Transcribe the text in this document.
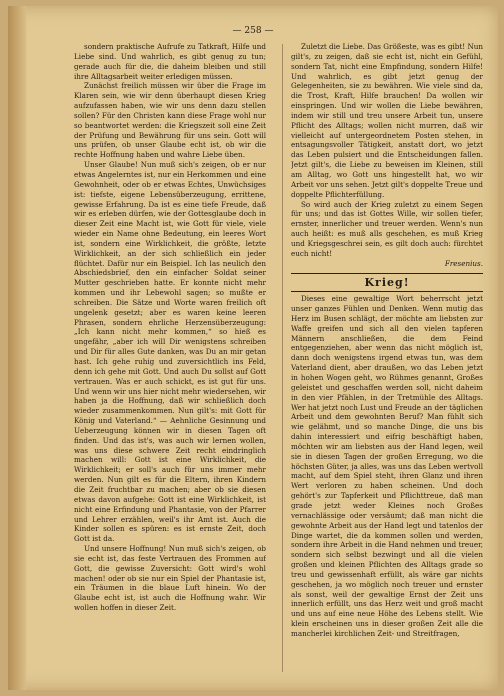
— 258 —

sondern praktische Aufrufe zu Tatkraft, Hilfe und Liebe sind. Und wahrlich, es gibt genug zu tun; gerade auch für die, die daheim bleiben und still ihre Alltagsarbeit weiter erledigen müssen.

Zunächst freilich müssen wir über die Frage im Klaren sein, wie wir denn überhaupt diesen Krieg aufzufassen haben, wie wir uns denn dazu stellen sollen? Für den Christen kann diese Frage wohl nur so beantwortet werden: die Kriegszeit soll eine Zeit der Prüfung und Bewährung für uns sein. Gott will uns prüfen, ob unser Glaube echt ist, ob wir die rechte Hoffnung haben und wahre Liebe üben.

Unser Glaube! Nun muß sich's zeigen, ob er nur etwas Angelerntes ist, nur ein Herkommen und eine Gewohnheit, oder ob er etwas Echtes, Unwüchsiges ist: tiefste, eigene Lebensüberzeugung, errittene, gewisse Erfahrung. Da ist es eine tiefe Freude, daß wir es erleben dürfen, wie der Gottesglaube doch in dieser Zeit eine Macht ist, wie Gott für viele, viele wieder ein Name ohne Bedeutung, ein leeres Wort ist, sondern eine Wirklichkeit, die größte, letzte Wirklichkeit, an der sich schließlich ein jeder flüchtet. Dafür nur ein Beispiel. Ich las neulich den Abschiedsbrief, den ein einfacher Soldat seiner Mutter geschrieben hatte. Er konnte nicht mehr kommen und ihr Lebewohl sagen; so mußte er schreiben. Die Sätze und Worte waren freilich oft ungelenk gesetzt; aber es waren keine leeren Phrasen, sondern ehrliche Herzensüberzeugung: „Ich kann nicht mehr kommen,“ so hieß es ungefähr, „aber ich will Dir wenigstens schreiben und Dir für alles Gute danken, was Du an mir getan hast. Ich gehe ruhig und zuversichtlich ins Feld, denn ich gehe mit Gott. Und auch Du sollst auf Gott vertrauen. Was er auch schickt, es ist gut für uns. Und wenn wir uns hier nicht mehr wiedersehen, wir haben ja die Hoffnung, daß wir schließlich doch wieder zusammenkommen. Nun gilt's: mit Gott für König und Vaterland.“ — Aehnliche Gesinnung und Ueberzeugung können wir in diesen Tagen oft finden. Und das ist's, was auch wir lernen wollen, was uns diese schwere Zeit recht eindringlich machen will: Gott ist eine Wirklichkeit, die Wirklichkeit; er soll's auch für uns immer mehr werden. Nun gilt es für die Eltern, ihren Kindern die Zeit fruchtbar zu machen; aber ob sie diesen etwas davon aufgehe: Gott ist eine Wirklichkeit, ist nicht eine Erfindung und Phantasie, von der Pfarrer und Lehrer erzählen, weil's ihr Amt ist. Auch die Kinder sollen es spüren: es ist ernste Zeit, doch Gott ist da.

Und unsere Hoffnung! Nun muß sich's zeigen, ob sie echt ist, das feste Vertrauen des Frommen auf Gott, die gewisse Zuversicht: Gott wird's wohl machen! oder ob sie nur ein Spiel der Phantasie ist, ein Träumen in die blaue Luft hinein. Wo der Glaube echt ist, ist auch die Hoffnung wahr. Wir wollen hoffen in dieser Zeit.

Zuletzt die Liebe. Das Größeste, was es gibt! Nun gilt's, zu zeigen, daß sie echt ist, nicht ein Gefühl, sondern Tat, nicht eine Empfindung, sondern Hilfe! Und wahrlich, es gibt jetzt genug der Gelegenheiten, sie zu bewähren. Wie viele sind da, die Trost, Kraft, Hilfe brauchen! Da wollen wir einspringen. Und wir wollen die Liebe bewähren, indem wir still und treu unsere Arbeit tun, unsere Pflicht des Alltags; wollen nicht murren, daß wir vielleicht auf untergeordnetem Posten stehen, in entsagungsvoller Tätigkeit, anstatt dort, wo jetzt das Leben pulsiert und die Entscheidungen fallen. Jetzt gilt's, die Liebe zu beweisen im Kleinen, still am Alltag, wo Gott uns hingestellt hat, wo wir Arbeit vor uns sehen. Jetzt gilt's doppelte Treue und doppelte Pflichterfüllung.

So wird auch der Krieg zuletzt zu einem Segen für uns; und das ist Gottes Wille, wir sollen tiefer, ernster, innerlicher und treuer werden. Wenn's nun auch heißt: es muß alls geschehen, es muß Krieg und Kriegsgeschrei sein, es gilt doch auch: fürchtet euch nicht!

Fresenius.

Krieg!

Dieses eine gewaltige Wort beherrscht jetzt unser ganzes Fühlen und Denken. Wenn mutig das Herz im Busen schlägt, der möchte am liebsten zur Waffe greifen und sich all den vielen tapferen Männern anschließen, die dem Feind entgegenziehen, aber wenn das nicht möglich ist, dann doch wenigstens irgend etwas tun, was dem Vaterland dient, aber draußen, wo das Leben jetzt in hohen Wogen geht, wo Rühmes genannt, Großes geleistet und geschaffen werden soll, nicht daheim in den vier Pfählen, in der Tretmühle des Alltags. Wer hat jetzt noch Lust und Freude an der täglichen Arbeit und dem gewohnten Beruf? Man fühlt sich wie gelähmt, und so manche Dinge, die uns bis dahin interessiert und eifrig beschäftigt haben, möchten wir am liebsten aus der Hand legen, weil sie in diesen Tagen der großen Erregung, wo die höchsten Güter, ja alles, was uns das Leben wertvoll macht, auf dem Spiel steht, ihren Glanz und ihren Wert verloren zu haben scheinen. Und doch gehört's zur Tapferkeit und Pflichttreue, daß man grade jetzt weder Kleines noch Großes vernachlässige oder versäumt; daß man nicht die gewohnte Arbeit aus der Hand legt und tatenlos der Dinge wartet, die da kommen sollen und werden, sondern ihre Arbeit in die Hand nehmen und treuer, sondern sich selbst bezwingt und all die vielen großen und kleinen Pflichten des Alltags grade so treu und gewissenhaft erfüllt, als wäre gar nichts geschehen, ja wo möglich noch treuer und ernster als sonst, weil der gewaltige Ernst der Zeit uns innerlich erfüllt, uns das Herz weit und groß macht und uns auf eine neue Höhe des Lebens stellt. Wie klein erscheinen uns in dieser großen Zeit alle die mancherlei kirchlichen Zeit- und Streitfragen,
